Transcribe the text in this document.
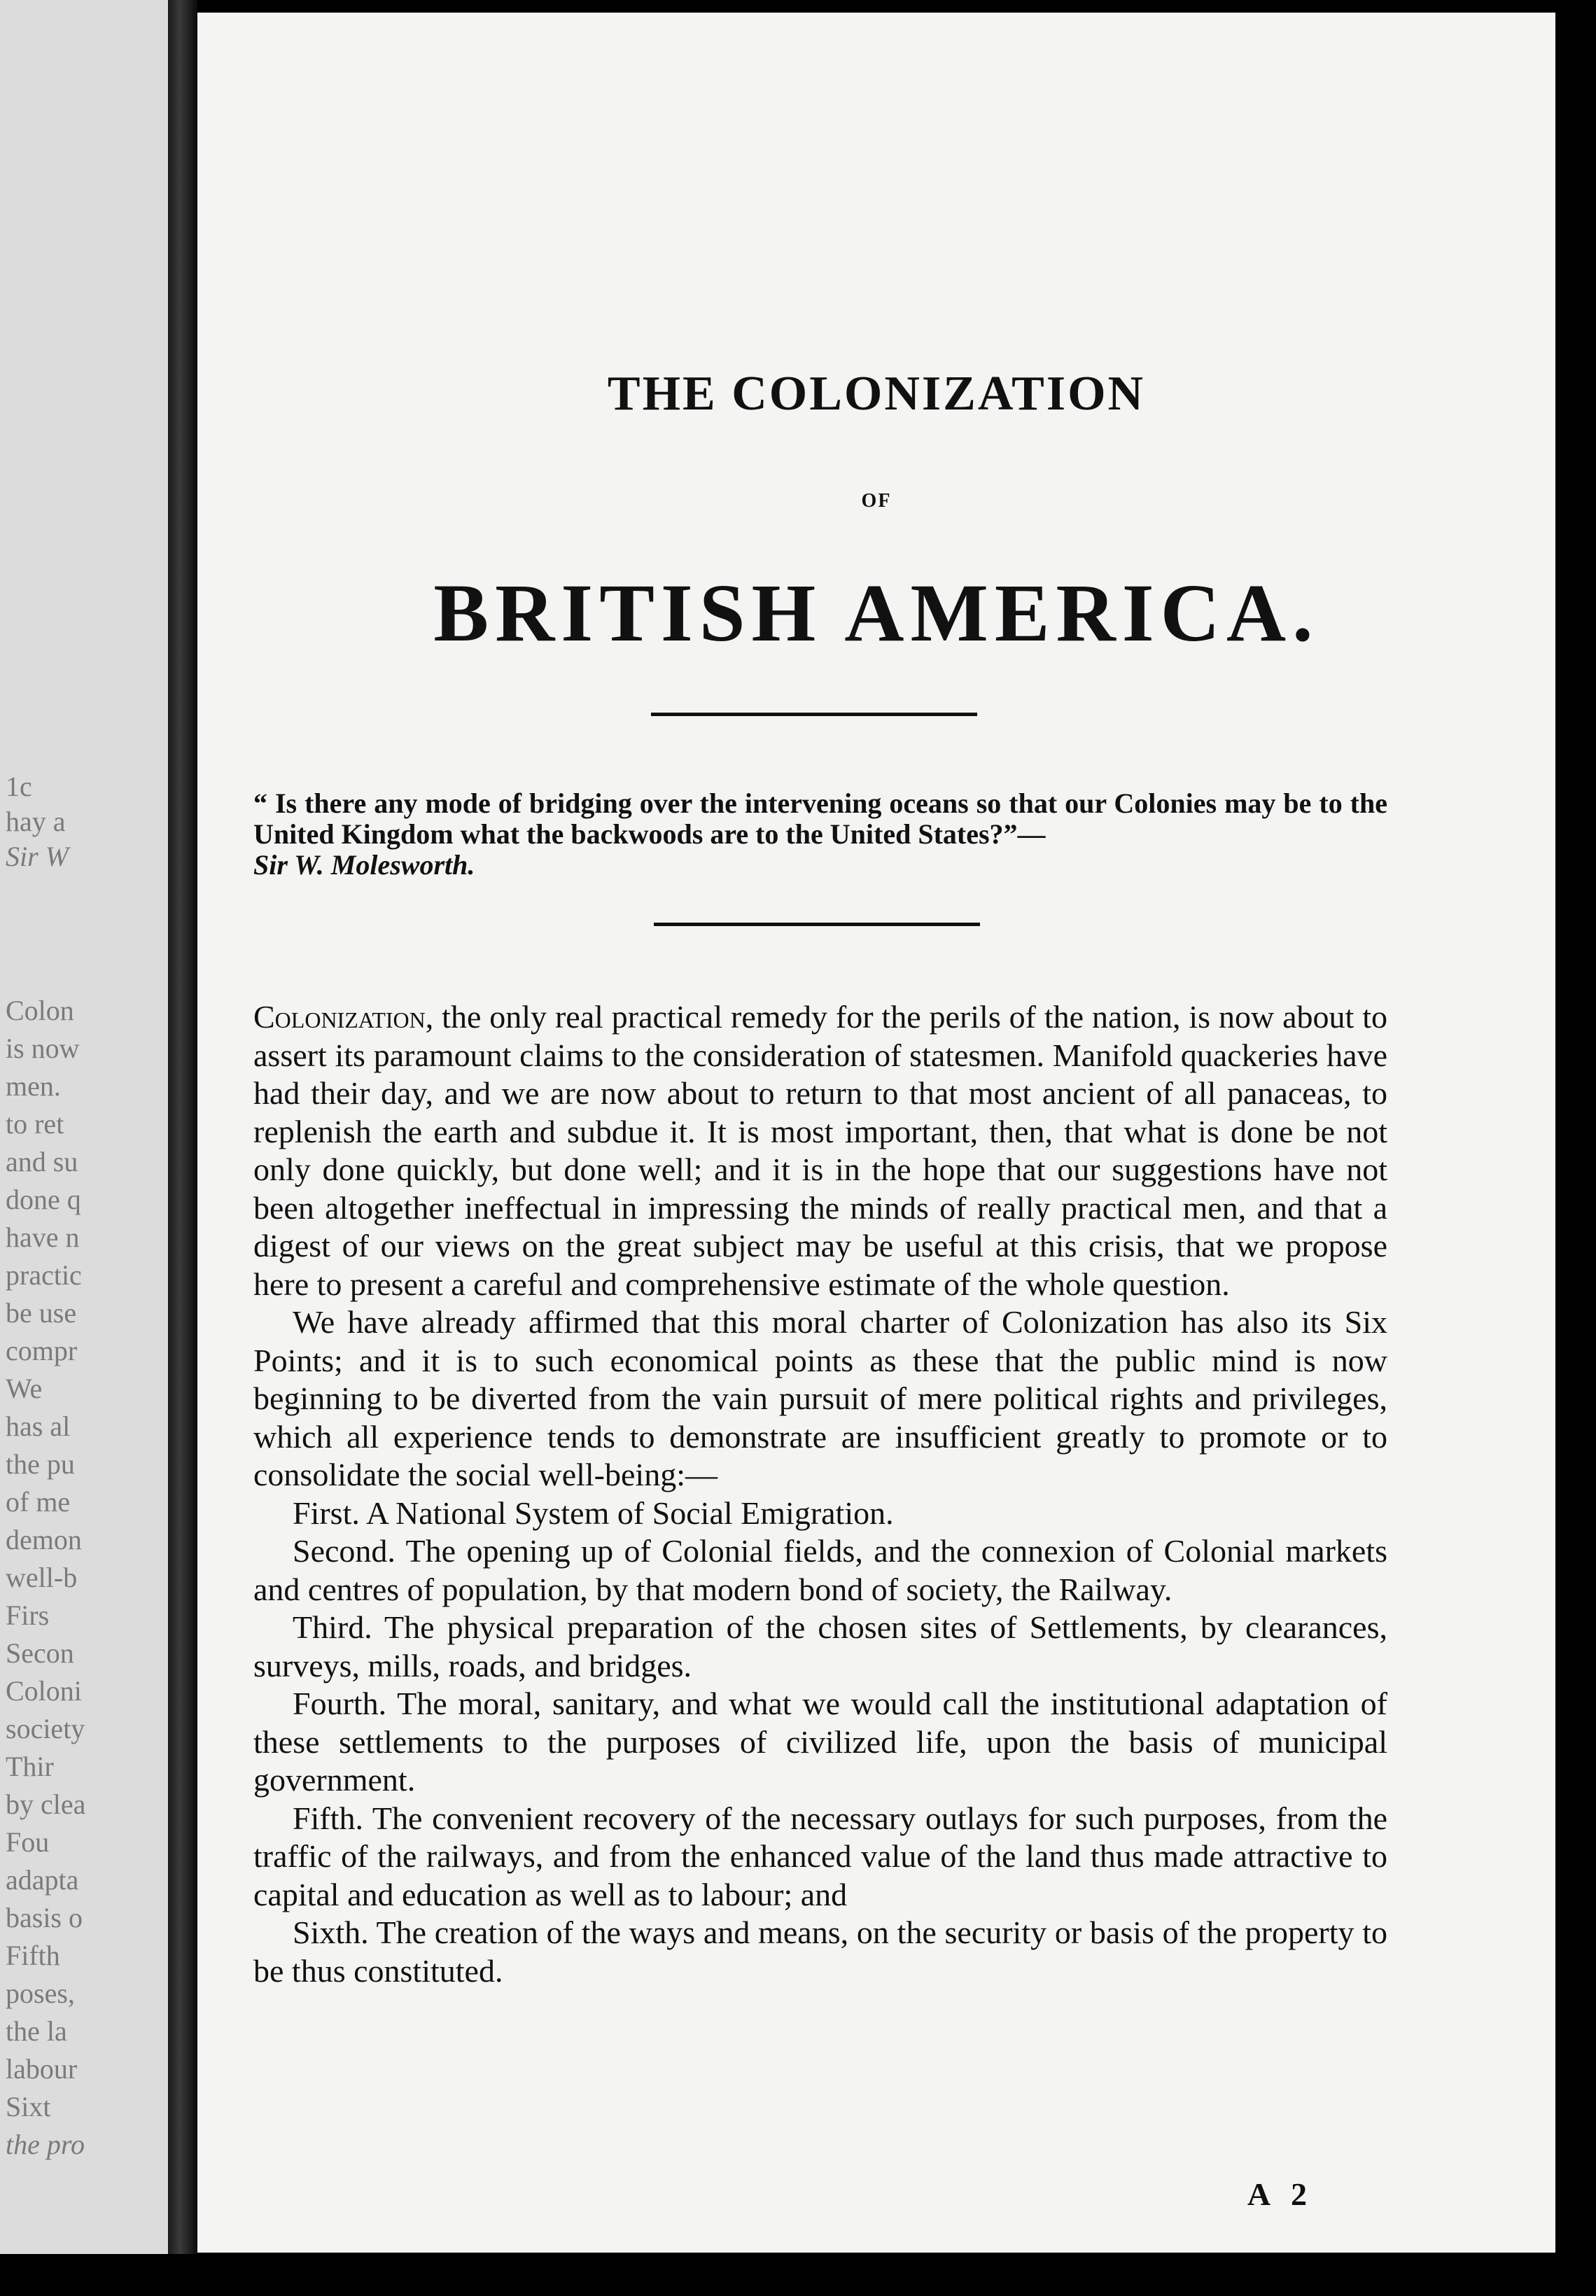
1c
hay a
Sir W
Colon
is now
men.
to ret
and su
done q
have n
practic
be use
compr
We
has al
the pu
of me
demon
well-b
Firs
Secon
Coloni
society
Thir
by clea
Fou
adapta
basis o
Fifth
poses,
the la
labour
Sixt
the pro
THE COLONIZATION
OF
BRITISH AMERICA.
“ Is there any mode of bridging over the intervening oceans so that our Colonies may be to the United Kingdom what the backwoods are to the United States?”—
Sir W. Molesworth.

Colonization, the only real practical remedy for the perils of the nation, is now about to assert its paramount claims to the consideration of statesmen. Manifold quackeries have had their day, and we are now about to return to that most ancient of all panaceas, to replenish the earth and subdue it. It is most important, then, that what is done be not only done quickly, but done well; and it is in the hope that our suggestions have not been altogether ineffectual in impressing the minds of really practical men, and that a digest of our views on the great subject may be useful at this crisis, that we propose here to present a careful and comprehensive estimate of the whole question.

We have already affirmed that this moral charter of Colonization has also its Six Points; and it is to such economical points as these that the public mind is now beginning to be diverted from the vain pursuit of mere political rights and privileges, which all experience tends to demonstrate are insufficient greatly to promote or to consolidate the social well-being:—

First. A National System of Social Emigration.

Second. The opening up of Colonial fields, and the connexion of Colonial markets and centres of population, by that modern bond of society, the Railway.

Third. The physical preparation of the chosen sites of Settlements, by clearances, surveys, mills, roads, and bridges.

Fourth. The moral, sanitary, and what we would call the institutional adaptation of these settlements to the purposes of civilized life, upon the basis of municipal government.

Fifth. The convenient recovery of the necessary outlays for such purposes, from the traffic of the railways, and from the enhanced value of the land thus made attractive to capital and education as well as to labour; and

Sixth. The creation of the ways and means, on the security or basis of the property to be thus constituted.

A 2
